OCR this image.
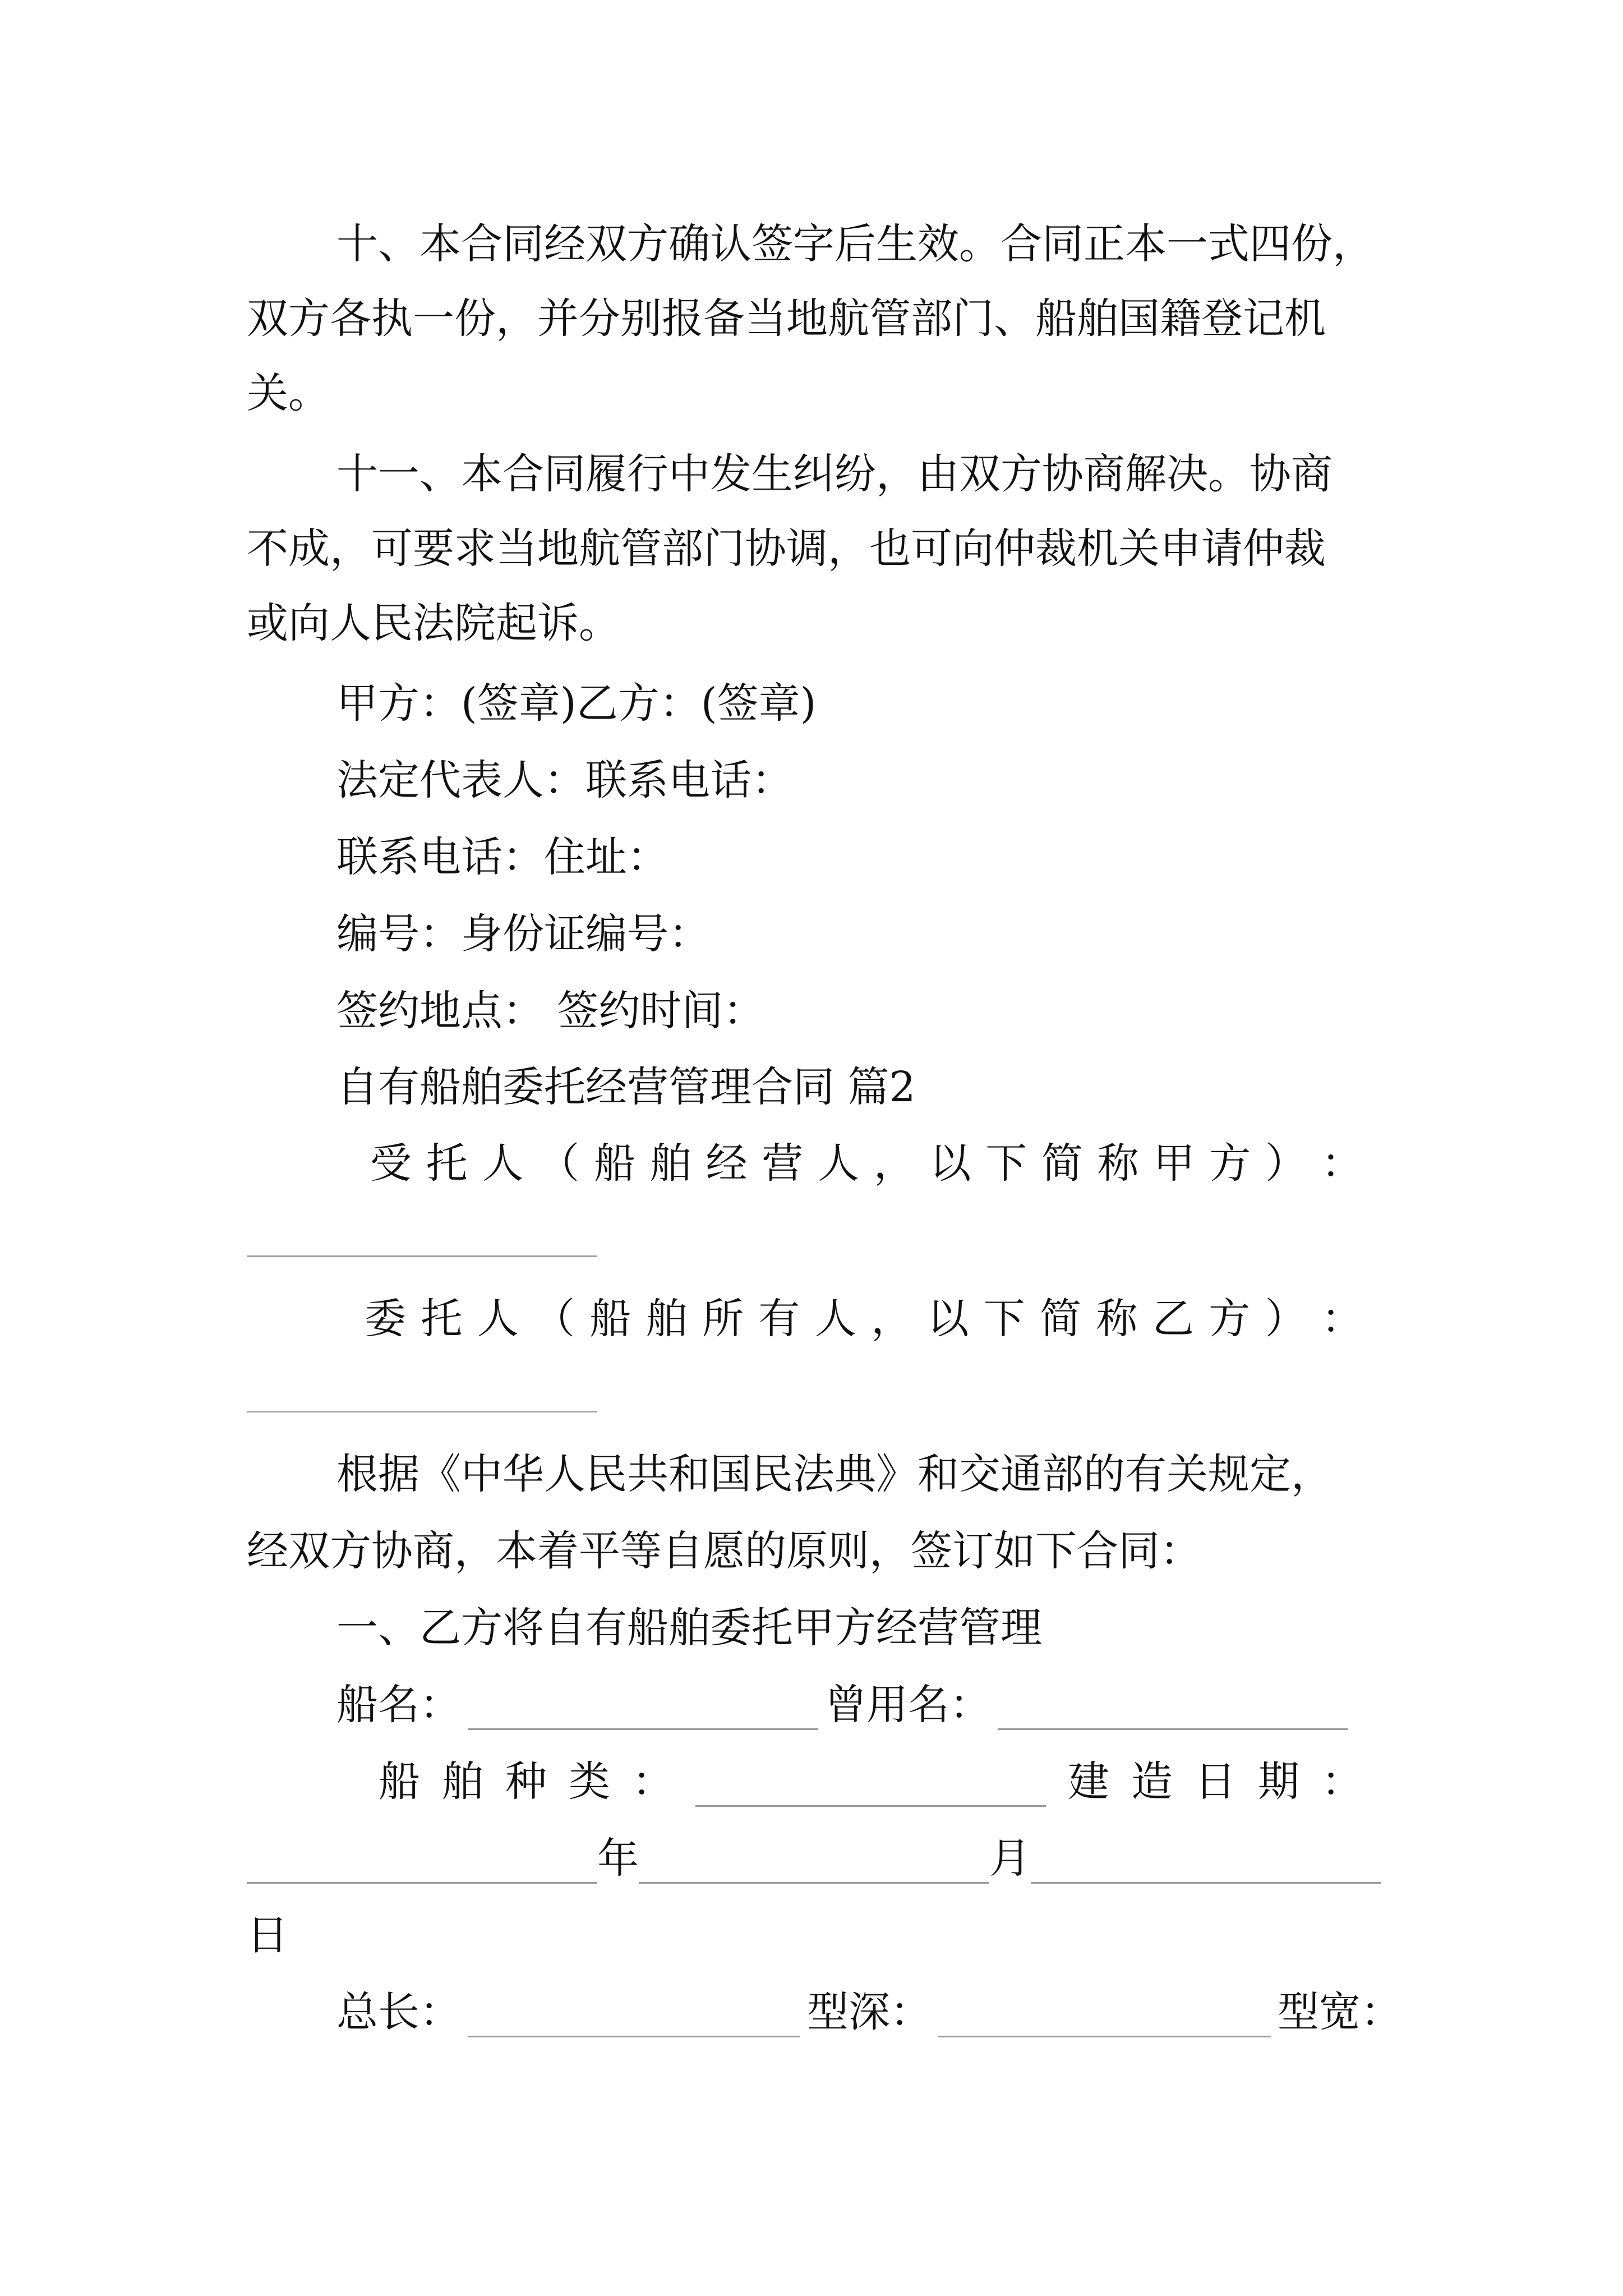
十、本合同经双方确认签字后生效。合同正本一式四份，
双方各执一份，并分别报备当地航管部门、船舶国籍登记机
关。
十一、本合同履行中发生纠纷，由双方协商解决。协商
不成，可要求当地航管部门协调，也可向仲裁机关申请仲裁
或向人民法院起诉。
甲方：(签章)乙方：(签章)
法定代表人：联系电话：
联系电话：住址：
编号：身份证编号：
签约地点： 签约时间：
自有船舶委托经营管理合同 篇2
受 托 人 （ 船 舶 经 营 人 ， 以 下 简 称 甲 方 ） ：
委 托 人 （ 船 舶 所 有 人 ， 以 下 简 称 乙 方 ） ：
根据《中华人民共和国民法典》和交通部的有关规定，
经双方协商，本着平等自愿的原则，签订如下合同：
一、乙方将自有船舶委托甲方经营管理
船名：	曾用名：
船 舶 种 类 ：	建 造 日 期 ：
年	月
日
总长：	型深：	型宽：
